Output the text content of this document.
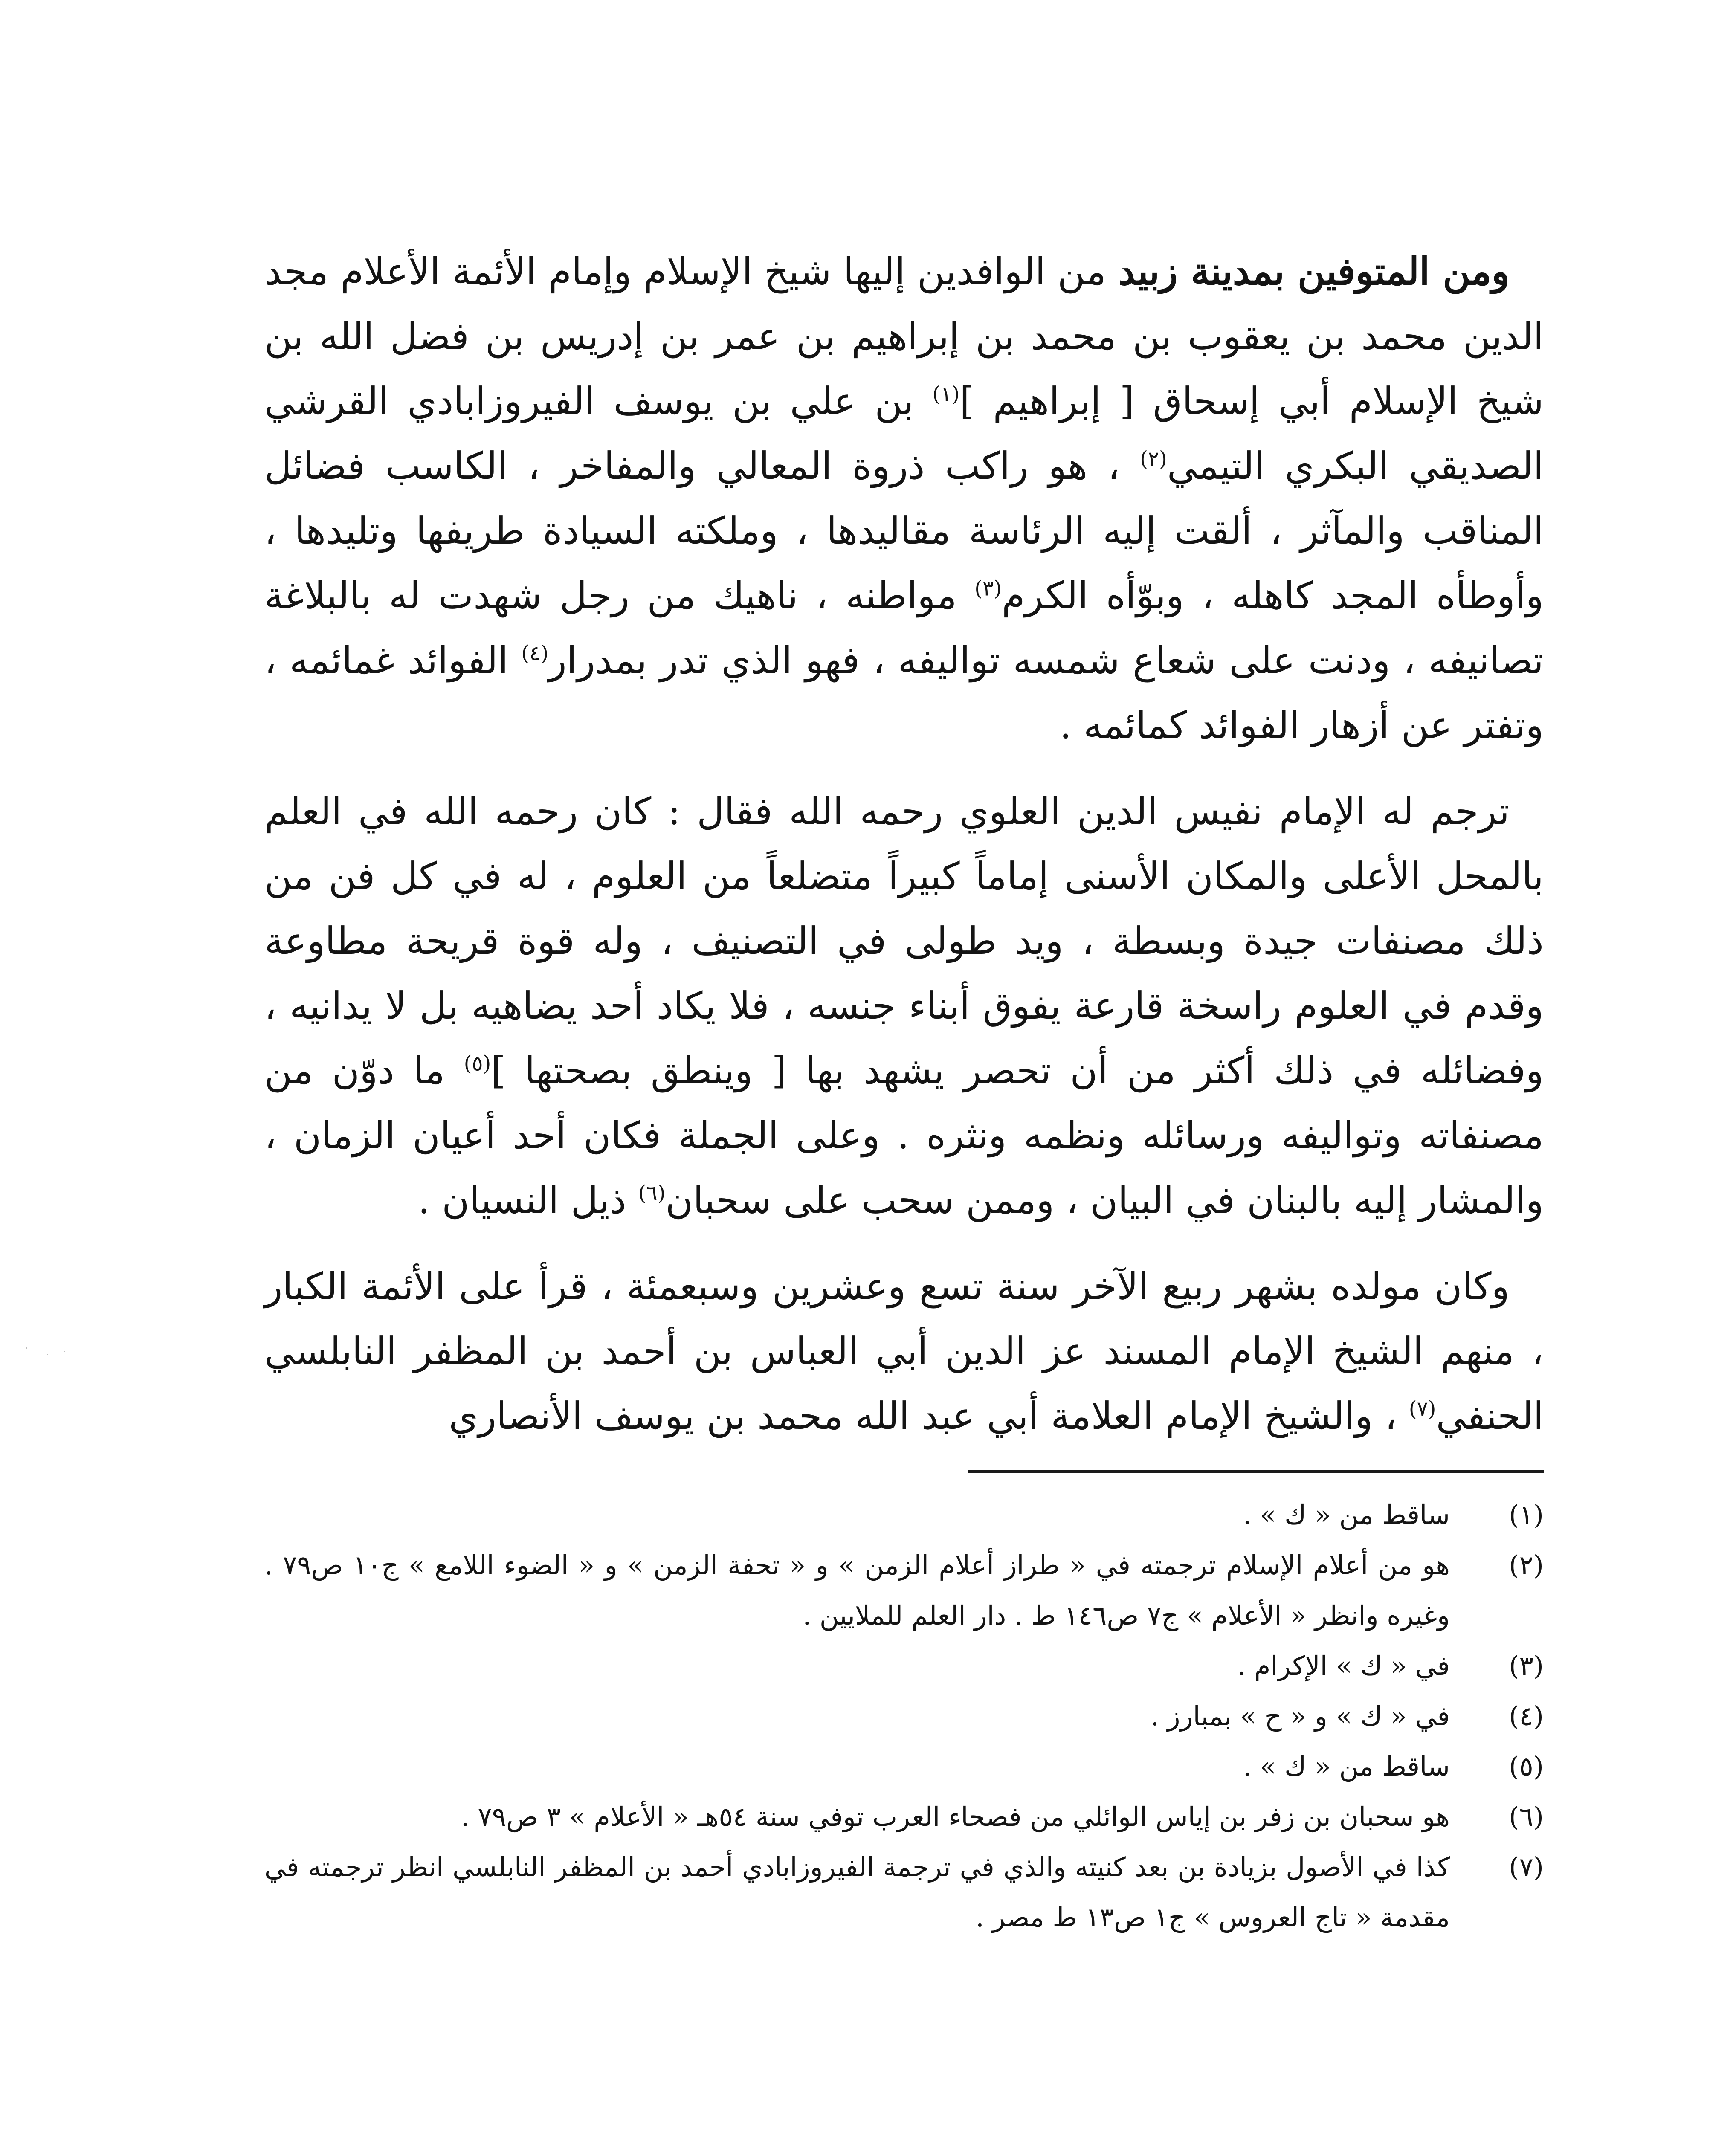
ومن المتوفين بمدينة زبيد من الوافدين إليها شيخ الإسلام وإمام الأئمة الأعلام مجد الدين محمد بن يعقوب بن محمد بن إبراهيم بن عمر بن إدريس بن فضل الله بن شيخ الإسلام أبي إسحاق [ إبراهيم ]$^{(١)}$ بن علي بن يوسف الفيروزابادي القرشي الصديقي البكري التيمي$^{(٢)}$ ، هو راكب ذروة المعالي والمفاخر ، الكاسب فضائل المناقب والمآثر ، ألقت إليه الرئاسة مقاليدها ، وملكته السيادة طريفها وتليدها ، وأوطأه المجد كاهله ، وبوّأه الكرم$^{(٣)}$ مواطنه ، ناهيك من رجل شهدت له بالبلاغة تصانيفه ، ودنت على شعاع شمسه تواليفه ، فهو الذي تدر بمدرار$^{(٤)}$ الفوائد غمائمه ، وتفتر عن أزهار الفوائد كمائمه .

ترجم له الإمام نفيس الدين العلوي رحمه الله فقال : كان رحمه الله في العلم بالمحل الأعلى والمكان الأسنى إماماً كبيراً متضلعاً من العلوم ، له في كل فن من ذلك مصنفات جيدة وبسطة ، ويد طولى في التصنيف ، وله قوة قريحة مطاوعة وقدم في العلوم راسخة قارعة يفوق أبناء جنسه ، فلا يكاد أحد يضاهيه بل لا يدانيه ، وفضائله في ذلك أكثر من أن تحصر يشهد بها [ وينطق بصحتها ]$^{(٥)}$ ما دوّن من مصنفاته وتواليفه ورسائله ونظمه ونثره . وعلى الجملة فكان أحد أعيان الزمان ، والمشار إليه بالبنان في البيان ، وممن سحب على سحبان$^{(٦)}$ ذيل النسيان .

وكان مولده بشهر ربيع الآخر سنة تسع وعشرين وسبعمئة ، قرأ على الأئمة الكبار ، منهم الشيخ الإمام المسند عز الدين أبي العباس بن أحمد بن المظفر النابلسي الحنفي$^{(٧)}$ ، والشيخ الإمام العلامة أبي عبد الله محمد بن يوسف الأنصاري

(١)
ساقط من « ك » .
(٢)
هو من أعلام الإسلام ترجمته في « طراز أعلام الزمن » و « تحفة الزمن » و « الضوء اللامع » ج١٠ ص٧٩ . وغيره وانظر « الأعلام » ج٧ ص١٤٦ ط . دار العلم للملايين .
(٣)
في « ك » الإكرام .
(٤)
في « ك » و « ح » بمبارز .
(٥)
ساقط من « ك » .
(٦)
هو سحبان بن زفر بن إياس الوائلي من فصحاء العرب توفي سنة ٥٤هـ « الأعلام » ٣ ص٧٩ .
(٧)
كذا في الأصول بزيادة بن بعد كنيته والذي في ترجمة الفيروزابادي أحمد بن المظفر النابلسي انظر ترجمته في مقدمة « تاج العروس » ج١ ص١٣ ط مصر .
